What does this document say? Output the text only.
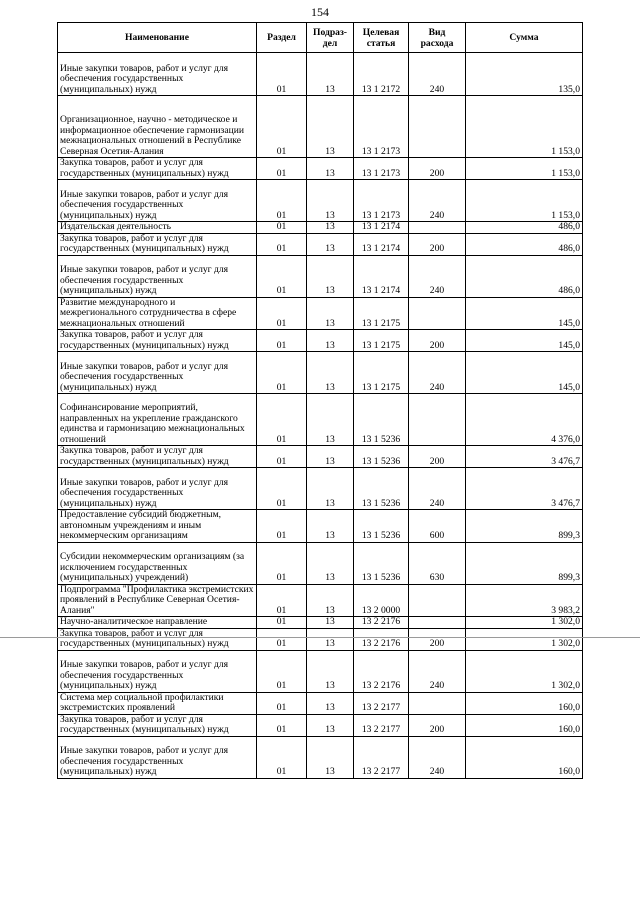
154
Наименование	Раздел	Подраз-дел	Целевая статья	Вид расхода	Сумма
Иные закупки товаров, работ и услуг для обеспечения государственных (муниципальных) нужд	01	13	13 1 2172	240	135,0
Организационное, научно - методическое и информационное обеспечение гармонизации межнациональных отношений в Республике Северная Осетия-Алания	01	13	13 1 2173		1 153,0
Закупка товаров, работ и услуг для государственных (муниципальных) нужд	01	13	13 1 2173	200	1 153,0
Иные закупки товаров, работ и услуг для обеспечения государственных (муниципальных) нужд	01	13	13 1 2173	240	1 153,0
Издательская деятельность	01	13	13 1 2174		486,0
Закупка товаров, работ и услуг для государственных (муниципальных) нужд	01	13	13 1 2174	200	486,0
Иные закупки товаров, работ и услуг для обеспечения государственных (муниципальных) нужд	01	13	13 1 2174	240	486,0
Развитие международного и межрегионального сотрудничества в сфере межнациональных отношений	01	13	13 1 2175		145,0
Закупка товаров, работ и услуг для государственных (муниципальных) нужд	01	13	13 1 2175	200	145,0
Иные закупки товаров, работ и услуг для обеспечения государственных (муниципальных) нужд	01	13	13 1 2175	240	145,0
Софинансирование мероприятий, направленных на укрепление гражданского единства и гармонизацию межнациональных отношений	01	13	13 1 5236		4 376,0
Закупка товаров, работ и услуг для государственных (муниципальных) нужд	01	13	13 1 5236	200	3 476,7
Иные закупки товаров, работ и услуг для обеспечения государственных (муниципальных) нужд	01	13	13 1 5236	240	3 476,7
Предоставление субсидий бюджетным, автономным учреждениям и иным некоммерческим организациям	01	13	13 1 5236	600	899,3
Субсидии некоммерческим организациям (за исключением государственных (муниципальных) учреждений)	01	13	13 1 5236	630	899,3
Подпрограмма "Профилактика экстремистских проявлений в Республике Северная Осетия-Алания"	01	13	13 2 0000		3 983,2
Научно-аналитическое направление	01	13	13 2 2176		1 302,0
Закупка товаров, работ и услуг для государственных (муниципальных) нужд	01	13	13 2 2176	200	1 302,0
Иные закупки товаров, работ и услуг для обеспечения государственных (муниципальных) нужд	01	13	13 2 2176	240	1 302,0
Система мер социальной профилактики экстремистских проявлений	01	13	13 2 2177		160,0
Закупка товаров, работ и услуг для государственных (муниципальных) нужд	01	13	13 2 2177	200	160,0
Иные закупки товаров, работ и услуг для обеспечения государственных (муниципальных) нужд	01	13	13 2 2177	240	160,0
